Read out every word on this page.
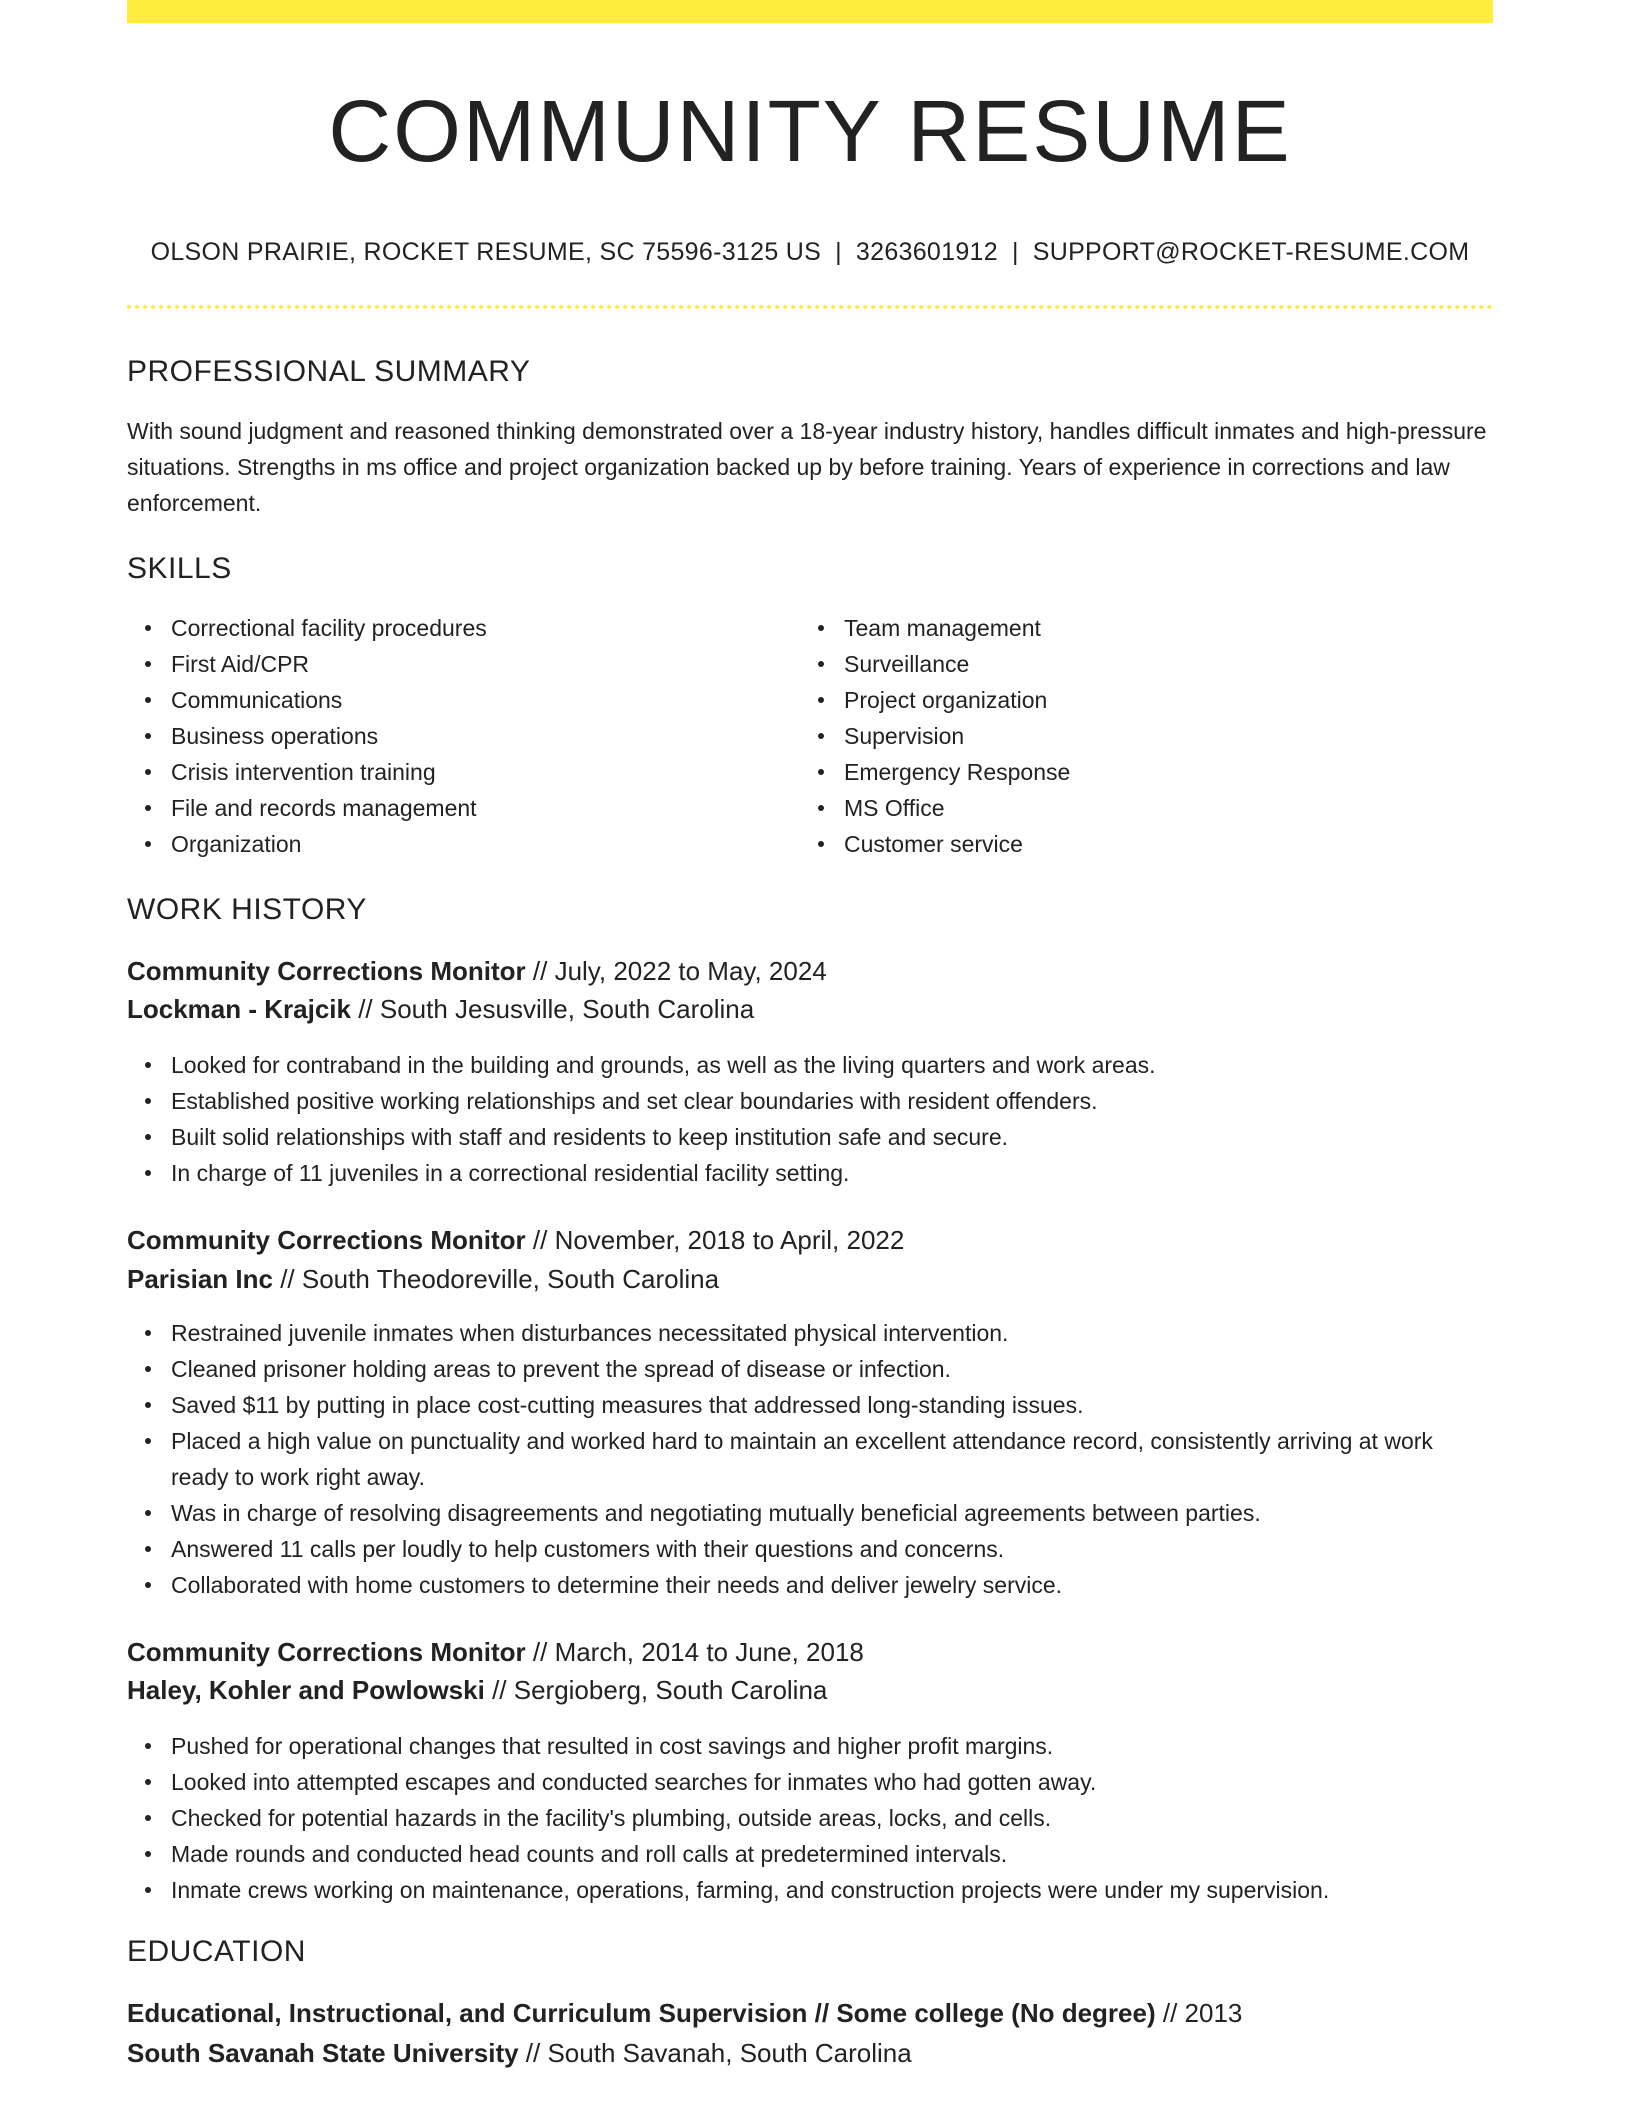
COMMUNITY RESUME
OLSON PRAIRIE, ROCKET RESUME, SC 75596-3125 US | 3263601912 | SUPPORT@ROCKET-RESUME.COM
PROFESSIONAL SUMMARY

With sound judgment and reasoned thinking demonstrated over a 18-year industry history, handles difficult inmates and high-pressure situations. Strengths in ms office and project organization backed up by before training. Years of experience in corrections and law enforcement.

SKILLS
Correctional facility procedures
First Aid/CPR
Communications
Business operations
Crisis intervention training
File and records management
Organization
Team management
Surveillance
Project organization
Supervision
Emergency Response
MS Office
Customer service
WORK HISTORY
Community Corrections Monitor // July, 2022 to May, 2024
Lockman - Krajcik // South Jesusville, South Carolina
Looked for contraband in the building and grounds, as well as the living quarters and work areas.
Established positive working relationships and set clear boundaries with resident offenders.
Built solid relationships with staff and residents to keep institution safe and secure.
In charge of 11 juveniles in a correctional residential facility setting.
Community Corrections Monitor // November, 2018 to April, 2022
Parisian Inc // South Theodoreville, South Carolina
Restrained juvenile inmates when disturbances necessitated physical intervention.
Cleaned prisoner holding areas to prevent the spread of disease or infection.
Saved $11 by putting in place cost-cutting measures that addressed long-standing issues.
Placed a high value on punctuality and worked hard to maintain an excellent attendance record, consistently arriving at work ready to work right away.
Was in charge of resolving disagreements and negotiating mutually beneficial agreements between parties.
Answered 11 calls per loudly to help customers with their questions and concerns.
Collaborated with home customers to determine their needs and deliver jewelry service.
Community Corrections Monitor // March, 2014 to June, 2018
Haley, Kohler and Powlowski // Sergioberg, South Carolina
Pushed for operational changes that resulted in cost savings and higher profit margins.
Looked into attempted escapes and conducted searches for inmates who had gotten away.
Checked for potential hazards in the facility's plumbing, outside areas, locks, and cells.
Made rounds and conducted head counts and roll calls at predetermined intervals.
Inmate crews working on maintenance, operations, farming, and construction projects were under my supervision.
EDUCATION
Educational, Instructional, and Curriculum Supervision // Some college (No degree) // 2013
South Savanah State University // South Savanah, South Carolina
